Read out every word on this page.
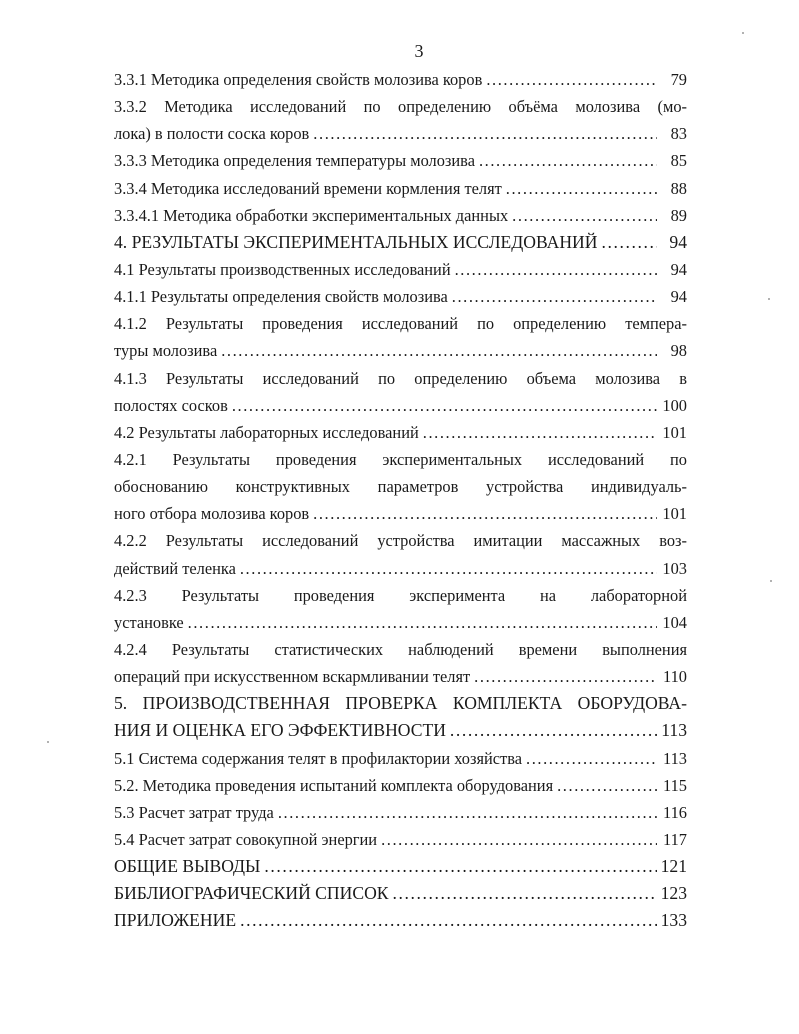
3
3.3.1 Методика определения свойств молозива коров .....	79
3.3.2 Методика исследований по определению объёма молозива (мо-
лока) в полости соска коров .....	83
3.3.3 Методика определения температуры молозива .....	85
3.3.4 Методика исследований времени кормления телят .....	88
3.3.4.1 Методика обработки экспериментальных данных .....	89
4. РЕЗУЛЬТАТЫ ЭКСПЕРИМЕНТАЛЬНЫХ ИССЛЕДОВАНИЙ .....	94
4.1 Результаты производственных исследований .....	94
4.1.1 Результаты определения свойств молозива .....	94
4.1.2 Результаты проведения исследований по определению темпера-
туры молозива .....	98
4.1.3 Результаты исследований по определению объема молозива в
полостях сосков .....	100
4.2 Результаты лабораторных исследований .....	101
4.2.1 Результаты проведения экспериментальных исследований по
обоснованию конструктивных параметров устройства индивидуаль-
ного отбора молозива коров .....	101
4.2.2 Результаты исследований устройства имитации массажных воз-
действий теленка .....	103
4.2.3 Результаты проведения эксперимента на лабораторной
установке .....	104
4.2.4 Результаты статистических наблюдений времени выполнения
операций при искусственном вскармливании телят .....	110
5. ПРОИЗВОДСТВЕННАЯ ПРОВЕРКА КОМПЛЕКТА ОБОРУДОВА-
НИЯ И ОЦЕНКА ЕГО ЭФФЕКТИВНОСТИ .....	113
5.1 Система содержания телят в профилактории хозяйства .....	113
5.2. Методика проведения испытаний комплекта оборудования .....	115
5.3 Расчет затрат труда .....	116
5.4 Расчет затрат совокупной энергии .....	117
ОБЩИЕ ВЫВОДЫ .....	121
БИБЛИОГРАФИЧЕСКИЙ СПИСОК .....	123
ПРИЛОЖЕНИЕ .....	133
